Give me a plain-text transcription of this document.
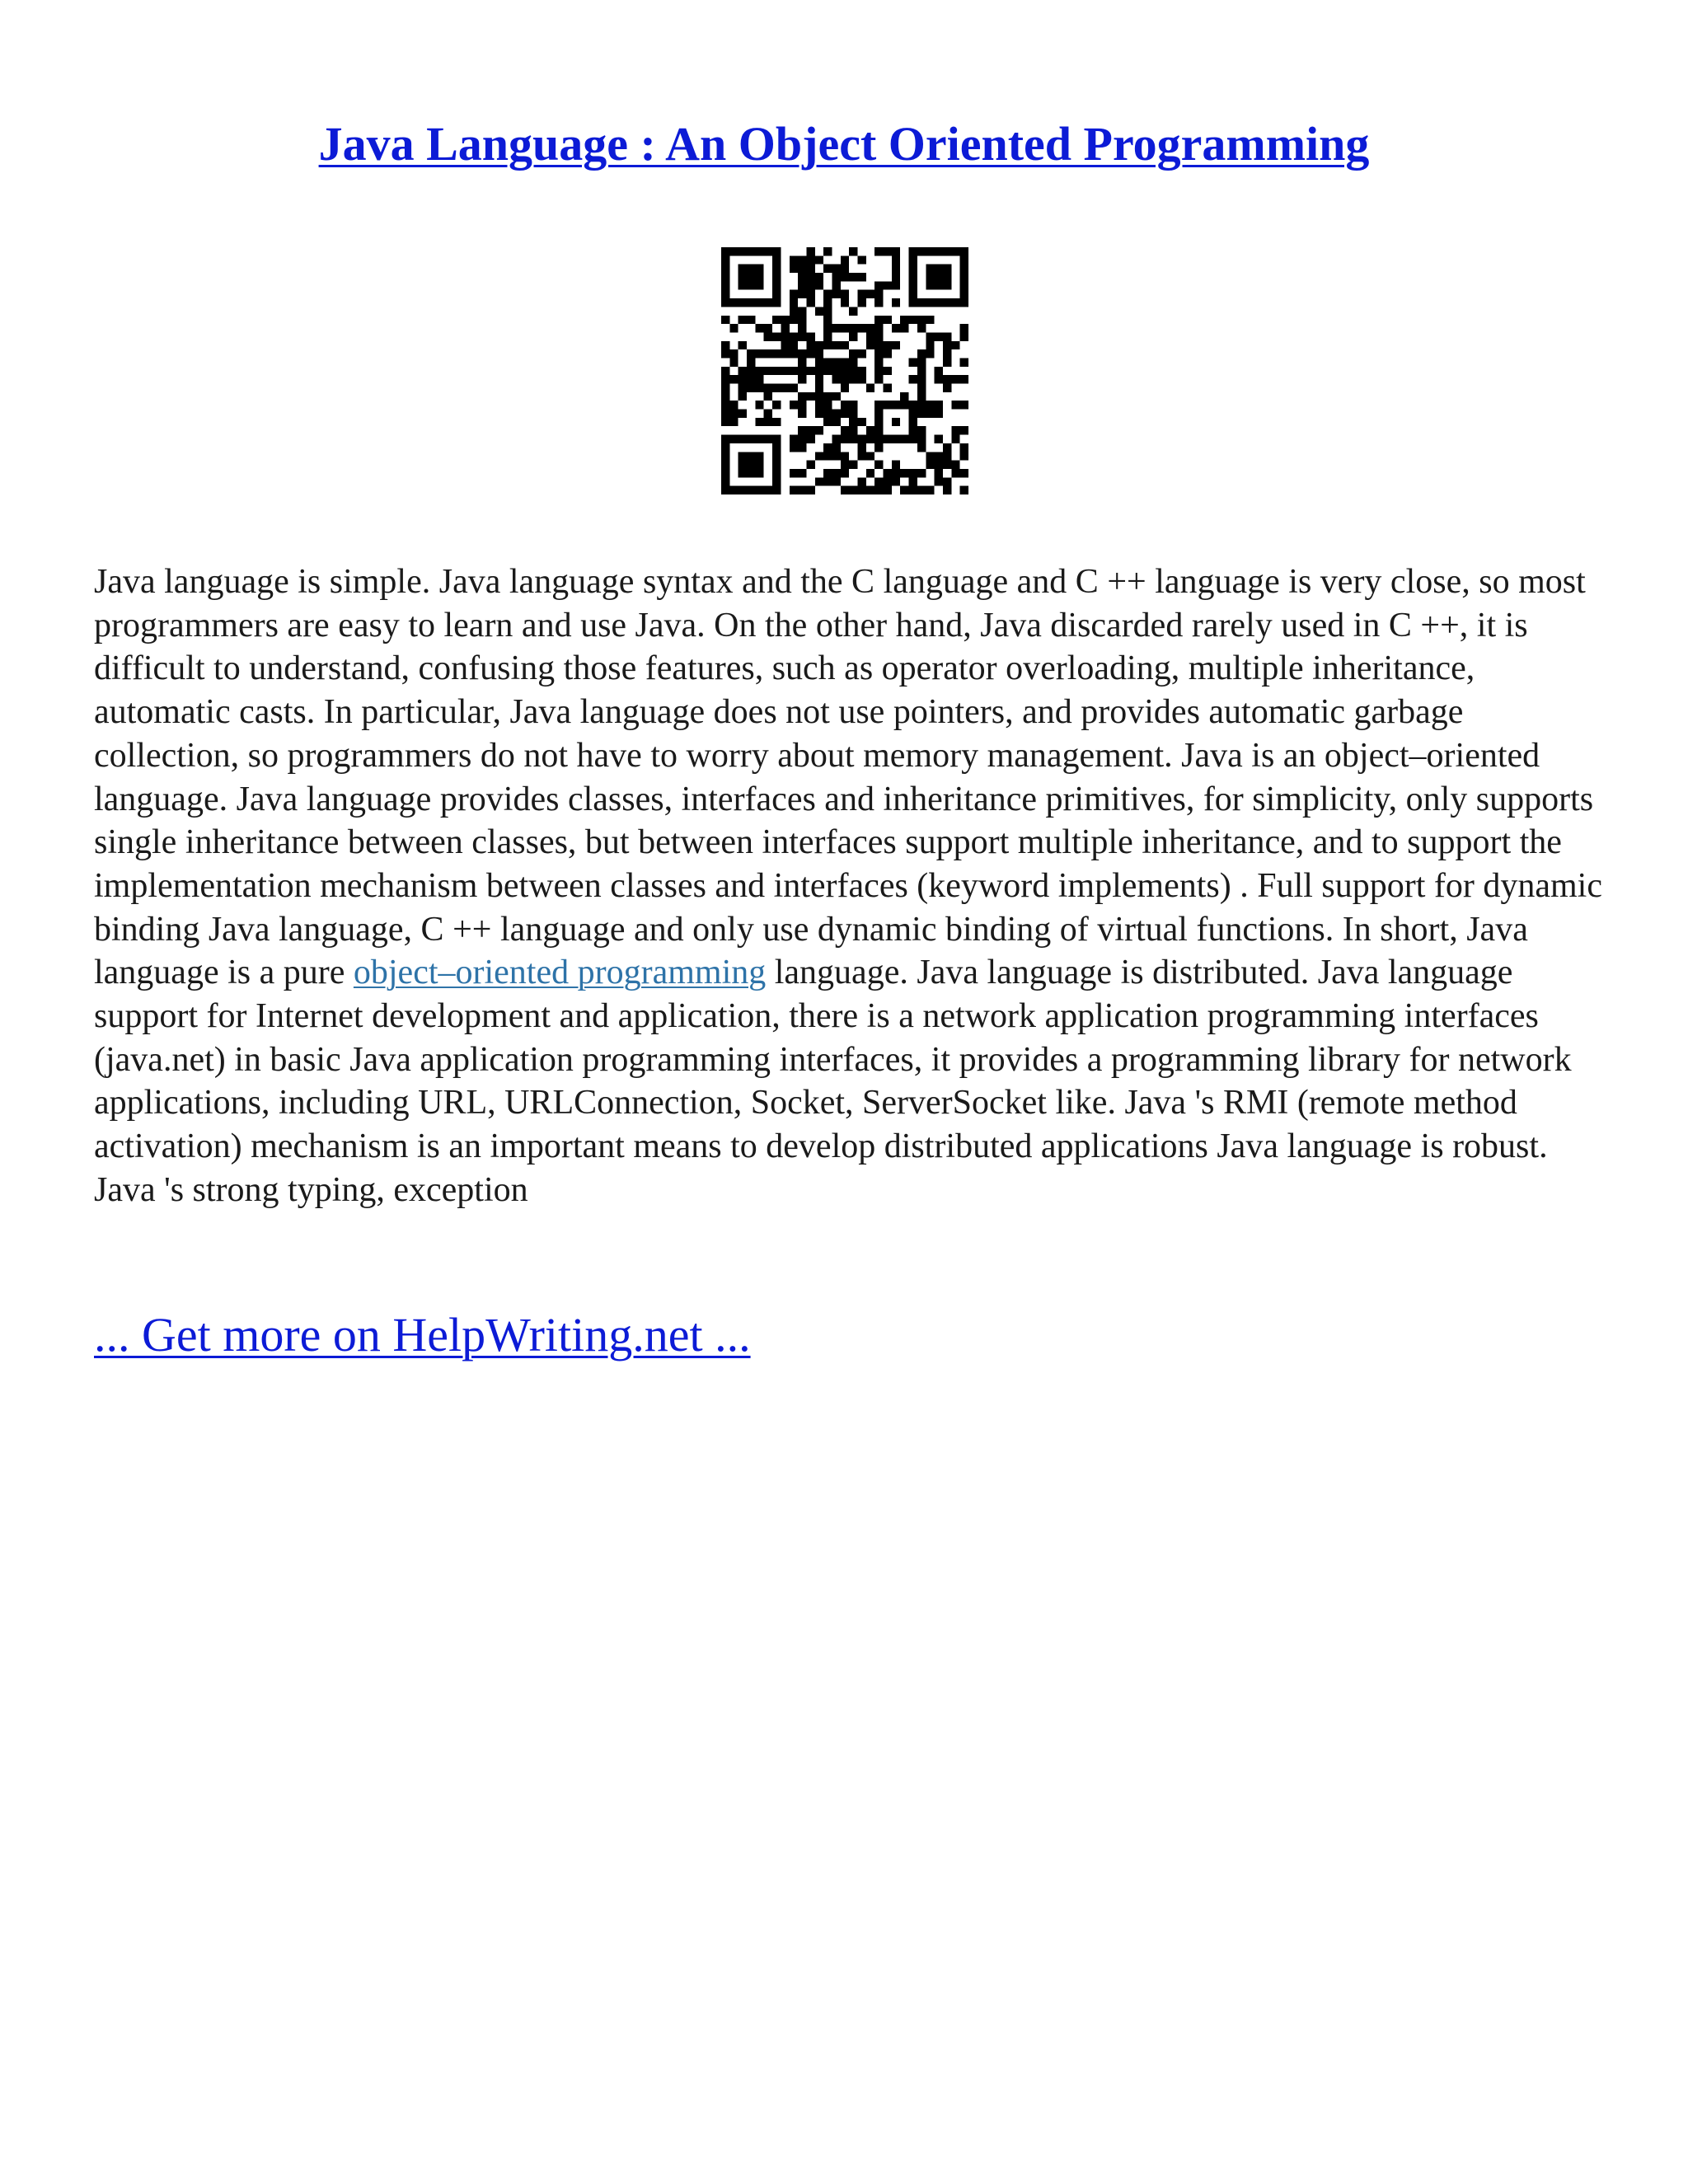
Java Language : An Object Oriented Programming

Java language is simple. Java language syntax and the C language and C ++ language is very close, so most programmers are easy to learn and use Java. On the other hand, Java discarded rarely used in C ++, it is difficult to understand, confusing those features, such as operator overloading, multiple inheritance, automatic casts. In particular, Java language does not use pointers, and provides automatic garbage collection, so programmers do not have to worry about memory management. Java is an object–oriented language. Java language provides classes, interfaces and inheritance primitives, for simplicity, only supports single inheritance between classes, but between interfaces support multiple inheritance, and to support the implementation mechanism between classes and interfaces (keyword implements) . Full support for dynamic binding Java language, C ++ language and only use dynamic binding of virtual functions. In short, Java language is a pure object–oriented programming language. Java language is distributed. Java language support for Internet development and application, there is a network application programming interfaces (java.net) in basic Java application programming interfaces, it provides a programming library for network applications, including URL, URLConnection, Socket, ServerSocket like. Java 's RMI (remote method activation) mechanism is an important means to develop distributed applications Java language is robust. Java 's strong typing, exception

... Get more on HelpWriting.net ...
